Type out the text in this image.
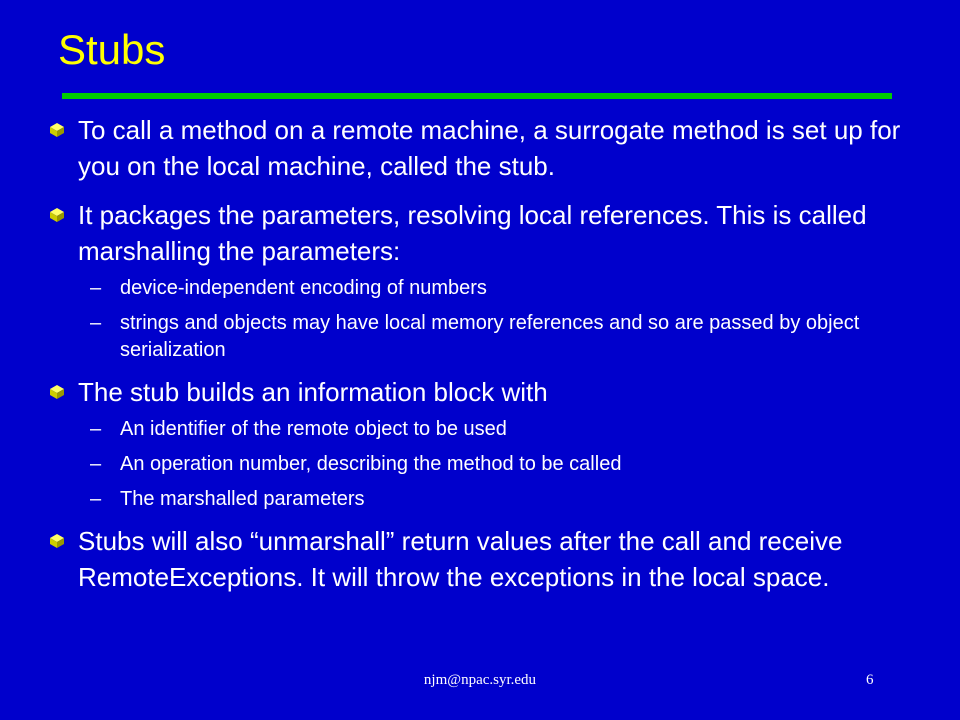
Stubs
To call a method on a remote machine, a surrogate method is set up for you on the local machine, called the stub.
It packages the parameters, resolving local references. This is called marshalling the parameters:
– device-independent encoding of numbers
– strings and objects may have local memory references and so are passed by object serialization
The stub builds an information block with
– An identifier of the remote object to be used
– An operation number, describing the method to be called
– The marshalled parameters
Stubs will also “unmarshall” return values after the call and receive RemoteExceptions. It will throw the exceptions in the local space.
njm@npac.syr.edu	6
